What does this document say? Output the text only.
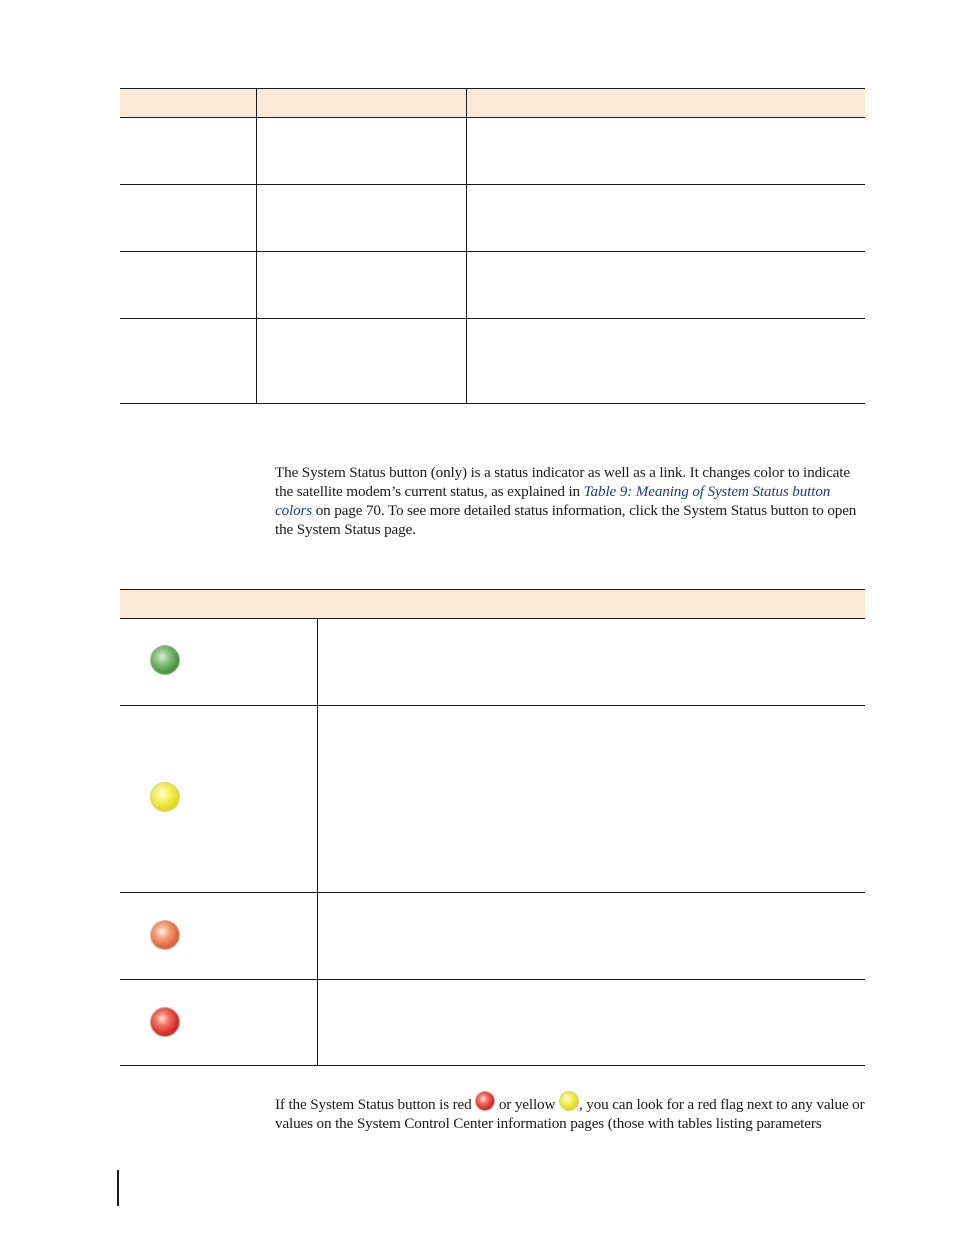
The System Status button (only) is a status indicator as well as a link. It changes color to indicate the satellite modem’s current status, as explained in Table 9: Meaning of System Status button colors on page 70. To see more detailed status information, click the System Status button to open the System Status page.

If the System Status button is red  or yellow , you can look for a red flag next to any value or values on the System Control Center information pages (those with tables listing parameters
